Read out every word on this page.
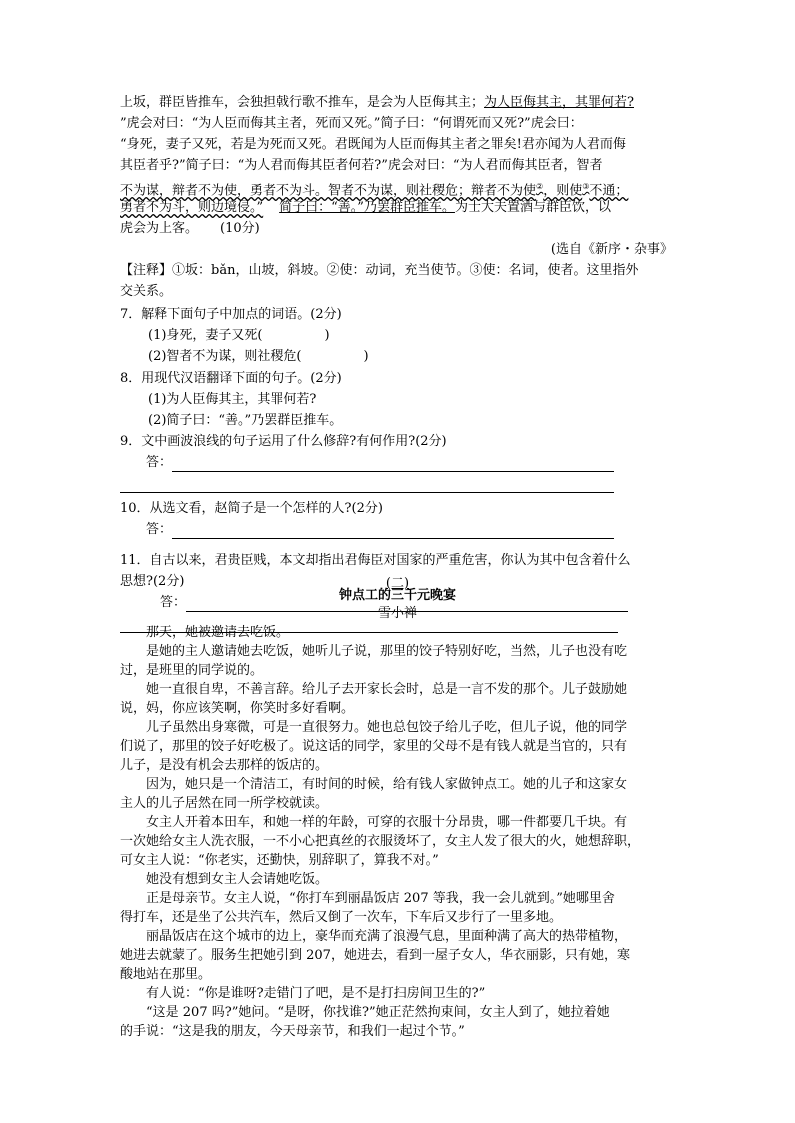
上坂，群臣皆推车，会独担戟行歌不推车，是会为人臣侮其主；为人臣侮其主，其罪何若?
”虎会对曰：“为人臣而侮其主者，死而又死。”简子曰：“何谓死而又死?”虎会曰：
“身死，妻子又死，若是为死而又死。君既闻为人臣而侮其主者之罪矣!君亦闻为人君而侮
其臣者乎?”简子曰：“为人君而侮其臣者何若?”虎会对曰：“为人君而侮其臣者，智者
不为谋，辩者不为使，勇者不为斗。智者不为谋，则社稷危；辩者不为使②，则使③不通；
勇者不为斗，则边境侵。” 简子曰：“善。”乃罢群臣推车。为士大夫置酒与群臣饮，以
虎会为上客。 (10分)
(选自《新序・杂事》
【注释】①坂：bǎn，山坡，斜坡。②使：动词，充当使节。③使：名词，使者。这里指外
交关系。
7．解释下面句子中加点的词语。(2分)
(1)身死，妻子又死(	)
(2)智者不为谋，则社稷危(	)
8．用现代汉语翻译下面的句子。(2分)
(1)为人臣侮其主，其罪何若?
(2)简子曰：“善。”乃罢群臣推车。
9．文中画波浪线的句子运用了什么修辞?有何作用?(2分)
答：
10．从选文看，赵简子是一个怎样的人?(2分)
答：
11．自古以来，君贵臣贱，本文却指出君侮臣对国家的严重危害，你认为其中包含着什么
思想?(2分)
答：
(二)
钟点工的三千元晚宴
雪小禅
那天，她被邀请去吃饭。
是她的主人邀请她去吃饭，她听儿子说，那里的饺子特别好吃，当然，儿子也没有吃
过，是班里的同学说的。
她一直很自卑，不善言辞。给儿子去开家长会时，总是一言不发的那个。儿子鼓励她
说，妈，你应该笑啊，你笑时多好看啊。
儿子虽然出身寒微，可是一直很努力。她也总包饺子给儿子吃，但儿子说，他的同学
们说了，那里的饺子好吃极了。说这话的同学，家里的父母不是有钱人就是当官的，只有
儿子，是没有机会去那样的饭店的。
因为，她只是一个清洁工，有时间的时候，给有钱人家做钟点工。她的儿子和这家女
主人的儿子居然在同一所学校就读。
女主人开着本田车，和她一样的年龄，可穿的衣服十分昂贵，哪一件都要几千块。有
一次她给女主人洗衣服，一不小心把真丝的衣服烫坏了，女主人发了很大的火，她想辞职，
可女主人说：“你老实，还勤快，别辞职了，算我不对。”
她没有想到女主人会请她吃饭。
正是母亲节。女主人说，“你打车到丽晶饭店 207 等我，我一会儿就到。”她哪里舍
得打车，还是坐了公共汽车，然后又倒了一次车，下车后又步行了一里多地。
丽晶饭店在这个城市的边上，豪华而充满了浪漫气息，里面种满了高大的热带植物，
她进去就蒙了。服务生把她引到 207，她进去，看到一屋子女人，华衣丽影，只有她，寒
酸地站在那里。
有人说：“你是谁呀?走错门了吧，是不是打扫房间卫生的?”
“这是 207 吗?”她问。“是呀，你找谁?”她正茫然拘束间，女主人到了，她拉着她
的手说：“这是我的朋友，今天母亲节，和我们一起过个节。”
